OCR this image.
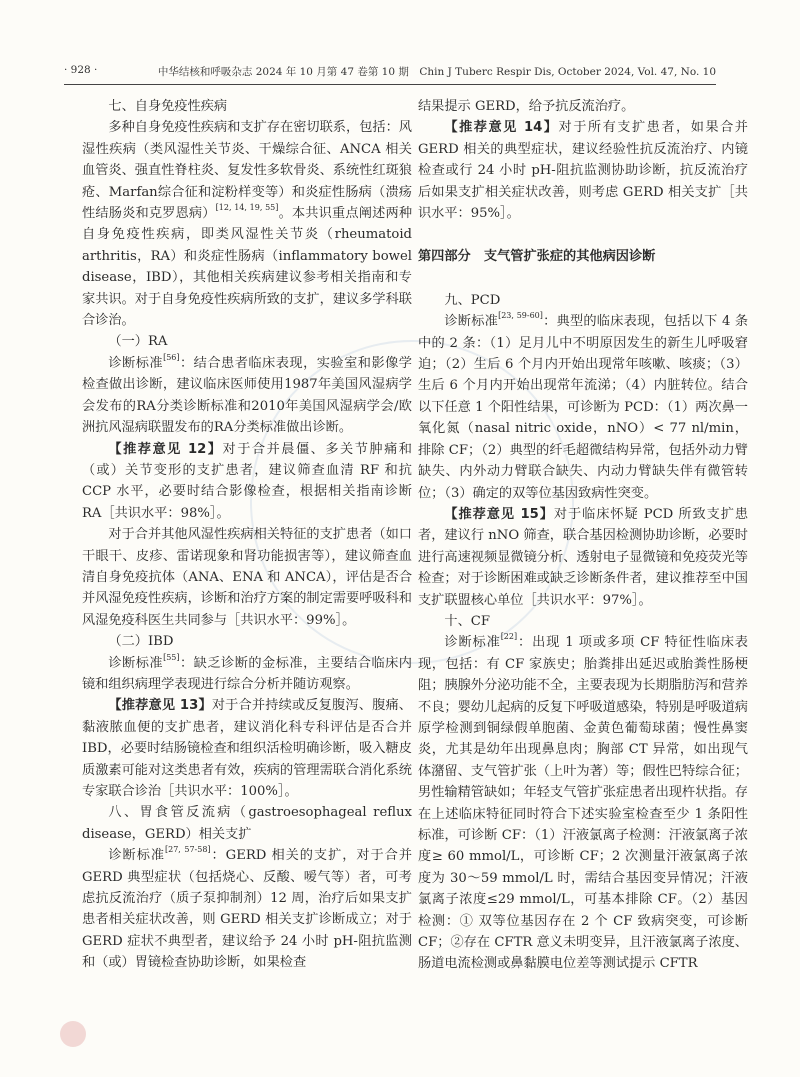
· 928 ·	中华结核和呼吸杂志 2024 年 10 月第 47 卷第 10 期　Chin J Tuberc Respir Dis, October 2024, Vol. 47, No. 10
七、自身免疫性疾病

多种自身免疫性疾病和支扩存在密切联系，包括：风湿性疾病（类风湿性关节炎、干燥综合征、ANCA 相关血管炎、强直性脊柱炎、复发性多软骨炎、系统性红斑狼疮、Marfan综合征和淀粉样变等）和炎症性肠病（溃疡性结肠炎和克罗恩病）[12, 14, 19, 55]。本共识重点阐述两种自身免疫性疾病，即类风湿性关节炎（rheumatoid arthritis，RA）和炎症性肠病（inflammatory bowel disease，IBD），其他相关疾病建议参考相关指南和专家共识。对于自身免疫性疾病所致的支扩，建议多学科联合诊治。

（一）RA

诊断标准[56]：结合患者临床表现，实验室和影像学检查做出诊断，建议临床医师使用1987年美国风湿病学会发布的RA分类诊断标准和2010年美国风湿病学会/欧洲抗风湿病联盟发布的RA分类标准做出诊断。

【推荐意见 12】对于合并晨僵、多关节肿痛和（或）关节变形的支扩患者，建议筛查血清 RF 和抗 CCP 水平，必要时结合影像检查，根据相关指南诊断 RA［共识水平：98%］。

对于合并其他风湿性疾病相关特征的支扩患者（如口干眼干、皮疹、雷诺现象和肾功能损害等），建议筛查血清自身免疫抗体（ANA、ENA 和 ANCA），评估是否合并风湿免疫性疾病，诊断和治疗方案的制定需要呼吸科和风湿免疫科医生共同参与［共识水平：99%］。

（二）IBD

诊断标准[55]：缺乏诊断的金标准，主要结合临床内镜和组织病理学表现进行综合分析并随访观察。

【推荐意见 13】对于合并持续或反复腹泻、腹痛、黏液脓血便的支扩患者，建议消化科专科评估是否合并IBD，必要时结肠镜检查和组织活检明确诊断，吸入糖皮质激素可能对这类患者有效，疾病的管理需联合消化系统专家联合诊治［共识水平：100%］。

八、胃食管反流病（gastroesophageal reflux disease，GERD）相关支扩

诊断标准[27, 57-58]：GERD 相关的支扩，对于合并 GERD 典型症状（包括烧心、反酸、嗳气等）者，可考虑抗反流治疗（质子泵抑制剂）12 周，治疗后如果支扩患者相关症状改善，则 GERD 相关支扩诊断成立；对于 GERD 症状不典型者，建议给予 24 小时 pH-阻抗监测和（或）胃镜检查协助诊断，如果检查

结果提示 GERD，给予抗反流治疗。

【推荐意见 14】对于所有支扩患者，如果合并 GERD 相关的典型症状，建议经验性抗反流治疗、内镜检查或行 24 小时 pH-阻抗监测协助诊断，抗反流治疗后如果支扩相关症状改善，则考虑 GERD 相关支扩［共识水平：95%］。

第四部分　支气管扩张症的其他病因诊断

九、PCD

诊断标准[23, 59-60]：典型的临床表现，包括以下 4 条中的 2 条：（1）足月儿中不明原因发生的新生儿呼吸窘迫；（2）生后 6 个月内开始出现常年咳嗽、咳痰；（3）生后 6 个月内开始出现常年流涕；（4）内脏转位。结合以下任意 1 个阳性结果，可诊断为 PCD：（1）两次鼻一氧化氮（nasal nitric oxide，nNO）< 77 nl/min，排除 CF；（2）典型的纤毛超微结构异常，包括外动力臂缺失、内外动力臂联合缺失、内动力臂缺失伴有微管转位；（3）确定的双等位基因致病性突变。

【推荐意见 15】对于临床怀疑 PCD 所致支扩患者，建议行 nNO 筛查，联合基因检测协助诊断，必要时进行高速视频显微镜分析、透射电子显微镜和免疫荧光等检查；对于诊断困难或缺乏诊断条件者，建议推荐至中国支扩联盟核心单位［共识水平：97%］。

十、CF

诊断标准[22]：出现 1 项或多项 CF 特征性临床表现，包括：有 CF 家族史；胎粪排出延迟或胎粪性肠梗阻；胰腺外分泌功能不全，主要表现为长期脂肪泻和营养不良；婴幼儿起病的反复下呼吸道感染，特别是呼吸道病原学检测到铜绿假单胞菌、金黄色葡萄球菌；慢性鼻窦炎，尤其是幼年出现鼻息肉；胸部 CT 异常，如出现气体潴留、支气管扩张（上叶为著）等；假性巴特综合征；男性输精管缺如；年轻支气管扩张症患者出现杵状指。存在上述临床特征同时符合下述实验室检查至少 1 条阳性标准，可诊断 CF：（1）汗液氯离子检测：汗液氯离子浓度≥ 60 mmol/L，可诊断 CF；2 次测量汗液氯离子浓度为 30～59 mmol/L 时，需结合基因变异情况；汗液氯离子浓度≤29 mmol/L，可基本排除 CF。（2）基因检测：① 双等位基因存在 2 个 CF 致病突变，可诊断 CF；②存在 CFTR 意义未明变异，且汗液氯离子浓度、肠道电流检测或鼻黏膜电位差等测试提示 CFTR
